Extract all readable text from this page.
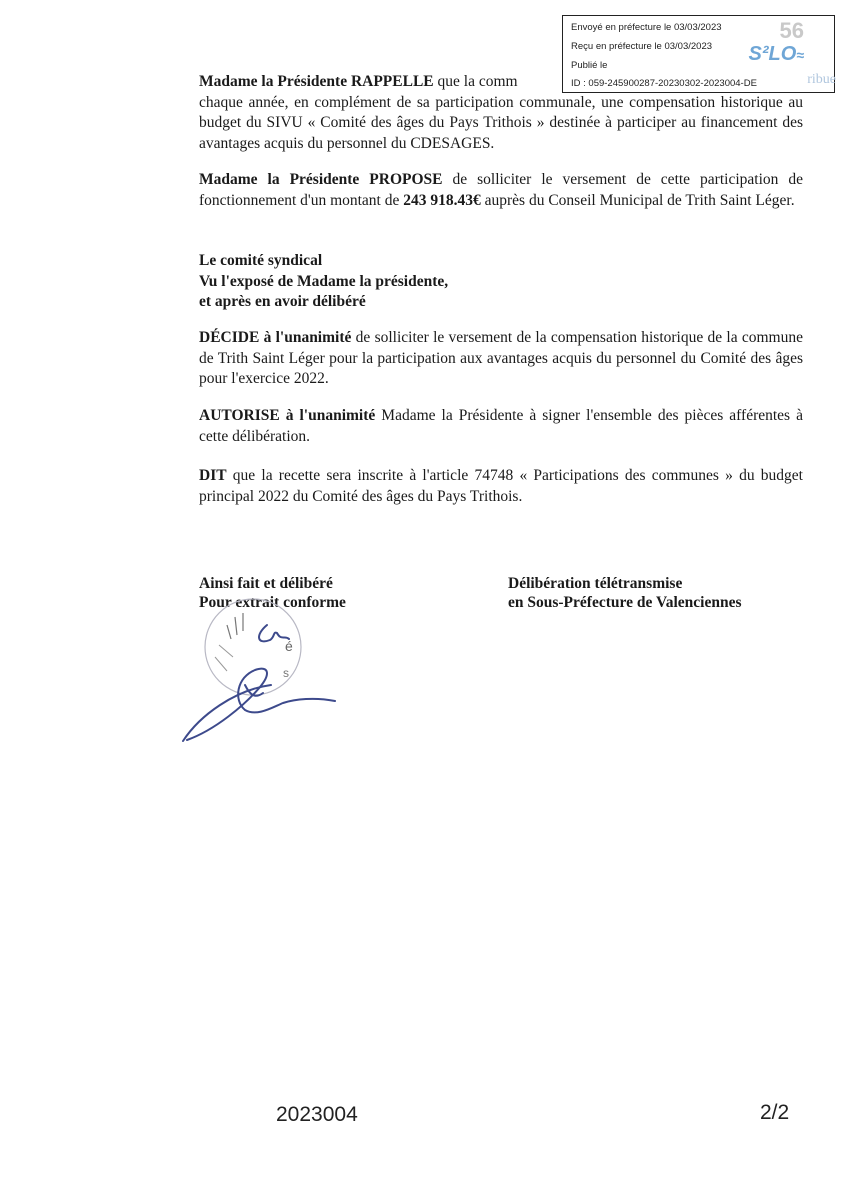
Envoyé en préfecture le 03/03/2023
Reçu en préfecture le 03/03/2023
Publié le
ID : 059-245900287-20230302-2023004-DE
56
S²LO≈
ribue
Madame la Présidente RAPPELLE que la comm
chaque année, en complément de sa participation communale, une compensation historique au budget du SIVU « Comité des âges du Pays Trithois » destinée à participer au financement des avantages acquis du personnel du CDESAGES.
Madame la Présidente PROPOSE de solliciter le versement de cette participation de fonctionnement d'un montant de 243 918.43€ auprès du Conseil Municipal de Trith Saint Léger.
Le comité syndical
Vu l'exposé de Madame la présidente,
et après en avoir délibéré
DÉCIDE à l'unanimité de solliciter le versement de la compensation historique de la commune de Trith Saint Léger pour la participation aux avantages acquis du personnel du Comité des âges pour l'exercice 2022.
AUTORISE à l'unanimité Madame la Présidente à signer l'ensemble des pièces afférentes à cette délibération.
DIT que la recette sera inscrite à l'article 74748 « Participations des communes » du budget principal 2022 du Comité des âges du Pays Trithois.
Ainsi fait et délibéré
Pour extrait conforme
Délibération télétransmise
en Sous-Préfecture de Valenciennes
é
s
2023004	2/2
